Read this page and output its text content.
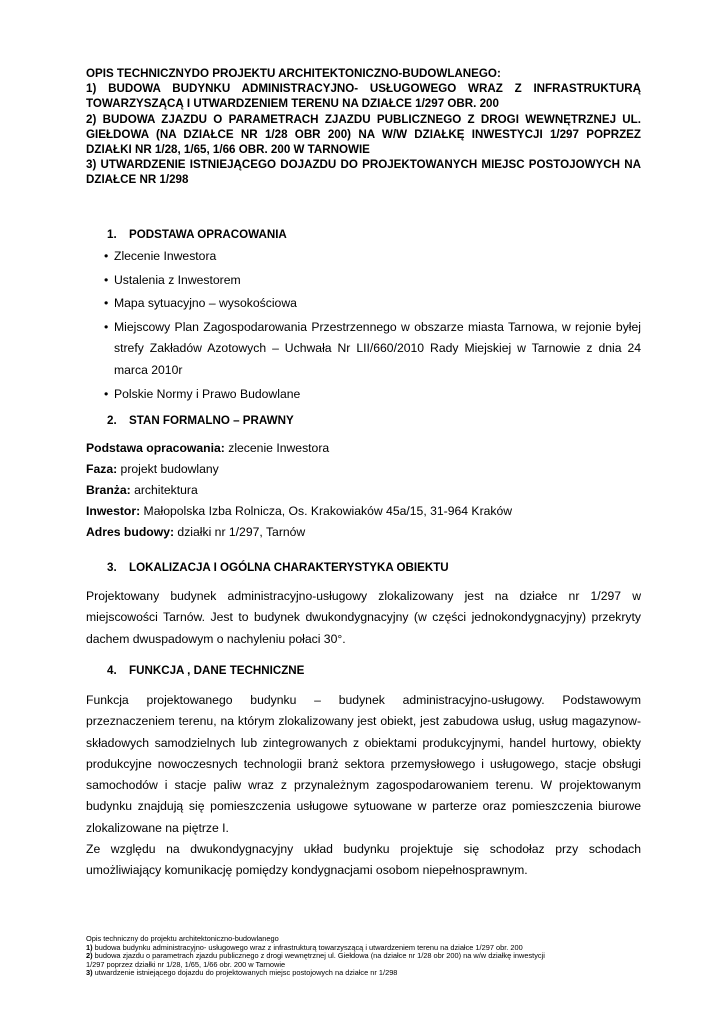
OPIS TECHNICZNYDO PROJEKTU ARCHITEKTONICZNO-BUDOWLANEGO:

1) BUDOWA BUDYNKU ADMINISTRACYJNO- USŁUGOWEGO WRAZ Z INFRASTRUKTURĄ TOWARZYSZĄCĄ I UTWARDZENIEM TERENU NA DZIAŁCE 1/297 OBR. 200

2) BUDOWA ZJAZDU O PARAMETRACH ZJAZDU PUBLICZNEGO Z DROGI WEWNĘTRZNEJ UL. GIEŁDOWA (NA DZIAŁCE NR 1/28 OBR 200) NA W/W DZIAŁKĘ INWESTYCJI 1/297 POPRZEZ DZIAŁKI NR 1/28, 1/65, 1/66 OBR. 200 W TARNOWIE

3) UTWARDZENIE ISTNIEJĄCEGO DOJAZDU DO PROJEKTOWANYCH MIEJSC POSTOJOWYCH NA DZIAŁCE NR 1/298

1. PODSTAWA OPRACOWANIA
• Zlecenie Inwestora
• Ustalenia z Inwestorem
• Mapa sytuacyjno – wysokościowa
• Miejscowy Plan Zagospodarowania Przestrzennego w obszarze miasta Tarnowa, w rejonie byłej strefy Zakładów Azotowych – Uchwała Nr LII/660/2010 Rady Miejskiej w Tarnowie z dnia 24 marca 2010r
• Polskie Normy i Prawo Budowlane
2. STAN FORMALNO – PRAWNY
Podstawa opracowania: zlecenie Inwestora
Faza: projekt budowlany
Branża: architektura
Inwestor: Małopolska Izba Rolnicza, Os. Krakowiaków 45a/15, 31-964 Kraków
Adres budowy: działki nr 1/297, Tarnów
3. LOKALIZACJA I OGÓLNA CHARAKTERYSTYKA OBIEKTU

Projektowany budynek administracyjno-usługowy zlokalizowany jest na działce nr 1/297 w miejscowości Tarnów. Jest to budynek dwukondygnacyjny (w części jednokondygnacyjny) przekryty dachem dwuspadowym o nachyleniu połaci 30°.

4. FUNKCJA , DANE TECHNICZNE

Funkcja projektowanego budynku – budynek administracyjno-usługowy. Podstawowym przeznaczeniem terenu, na którym zlokalizowany jest obiekt, jest zabudowa usług, usług magazynow-składowych samodzielnych lub zintegrowanych z obiektami produkcyjnymi, handel hurtowy, obiekty produkcyjne nowoczesnych technologii branż sektora przemysłowego i usługowego, stacje obsługi samochodów i stacje paliw wraz z przynależnym zagospodarowaniem terenu. W projektowanym budynku znajdują się pomieszczenia usługowe sytuowane w parterze oraz pomieszczenia biurowe zlokalizowane na piętrze I.

Ze względu na dwukondygnacyjny układ budynku projektuje się schodołaz przy schodach umożliwiający komunikację pomiędzy kondygnacjami osobom niepełnosprawnym.

Opis techniczny do projektu architektoniczno-budowlanego
1) budowa budynku administracyjno- usługowego wraz z infrastrukturą towarzyszącą i utwardzeniem terenu na działce 1/297 obr. 200
2) budowa zjazdu o parametrach zjazdu publicznego z drogi wewnętrznej ul. Giełdowa (na działce nr 1/28 obr 200) na w/w działkę inwestycji
1/297 poprzez działki nr 1/28, 1/65, 1/66 obr. 200 w Tarnowie
3) utwardzenie istniejącego dojazdu do projektowanych miejsc postojowych na działce nr 1/298
